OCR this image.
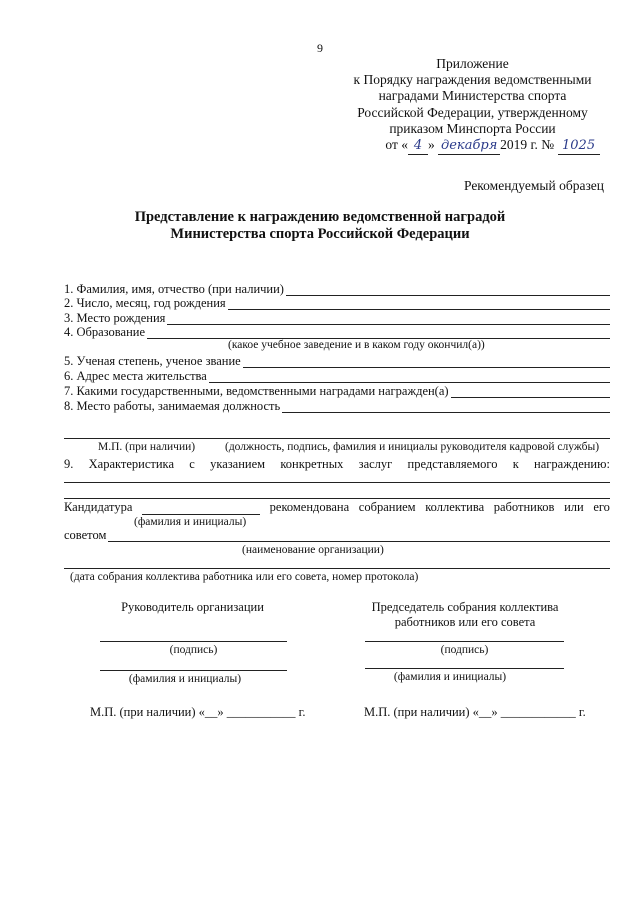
9
Приложение
к Порядку награждения ведомственными
наградами Министерства спорта
Российской Федерации, утвержденному
приказом Минспорта России
от « 4 » декабря 2019 г. № 1025
Рекомендуемый образец
Представление к награждению ведомственной наградой
Министерства спорта Российской Федерации
1. Фамилия, имя, отчество (при наличии)
2. Число, месяц, год рождения
3. Место рождения
4. Образование
(какое учебное заведение и в каком году окончил(а))
5. Ученая степень, ученое звание
6. Адрес места жительства
7. Какими государственными, ведомственными наградами награжден(а)
8. Место работы, занимаемая должность
М.П. (при наличии)	(должность, подпись, фамилия и инициалы руководителя кадровой службы)
9. Характеристика с указанием конкретных заслуг представляемого к награждению:
Кандидатура	рекомендована собранием коллектива работников или его
(фамилия и инициалы)
советом
(наименование организации)
(дата собрания коллектива работника или его совета, номер протокола)
Руководитель организации	Председатель собрания коллектива
работников или его совета
(подпись)	(подпись)
(фамилия и инициалы)	(фамилия и инициалы)
М.П. (при наличии) «__» ___________ г.	М.П. (при наличии) «__» ____________ г.
